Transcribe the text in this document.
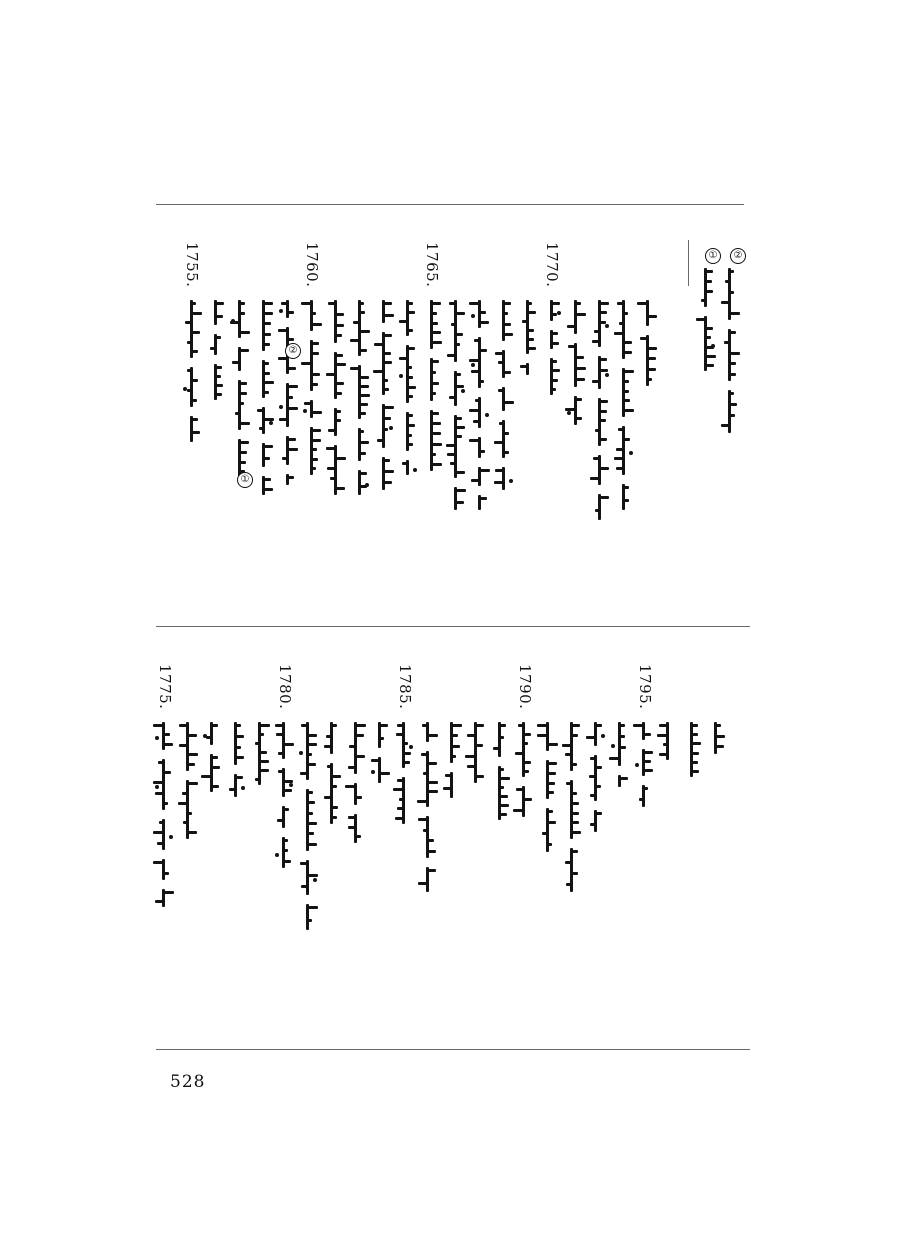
①	②
②
①
1755.	1760.	1765.	1770.
1775.	1780.	1785.	1790.	1795.
528
